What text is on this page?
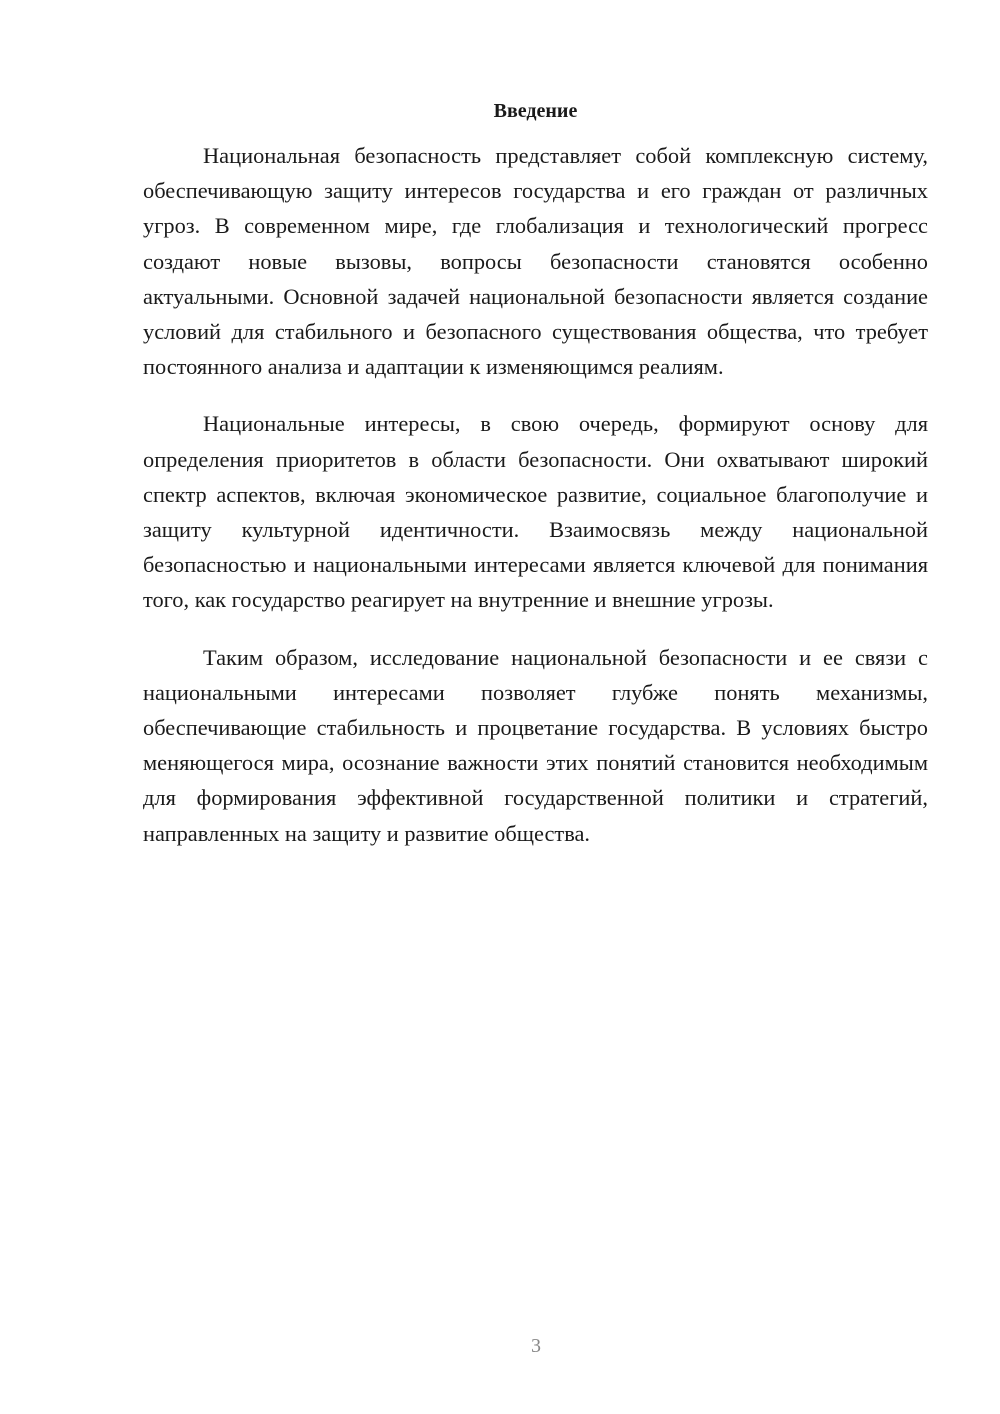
Введение

Национальная безопасность представляет собой комплексную систему, обеспечивающую защиту интересов государства и его граждан от различных угроз. В современном мире, где глобализация и технологический прогресс создают новые вызовы, вопросы безопасности становятся особенно актуальными. Основной задачей национальной безопасности является создание условий для стабильного и безопасного существования общества, что требует постоянного анализа и адаптации к изменяющимся реалиям.

Национальные интересы, в свою очередь, формируют основу для определения приоритетов в области безопасности. Они охватывают широкий спектр аспектов, включая экономическое развитие, социальное благополучие и защиту культурной идентичности. Взаимосвязь между национальной безопасностью и национальными интересами является ключевой для понимания того, как государство реагирует на внутренние и внешние угрозы.

Таким образом, исследование национальной безопасности и ее связи с национальными интересами позволяет глубже понять механизмы, обеспечивающие стабильность и процветание государства. В условиях быстро меняющегося мира, осознание важности этих понятий становится необходимым для формирования эффективной государственной политики и стратегий, направленных на защиту и развитие общества.

3
